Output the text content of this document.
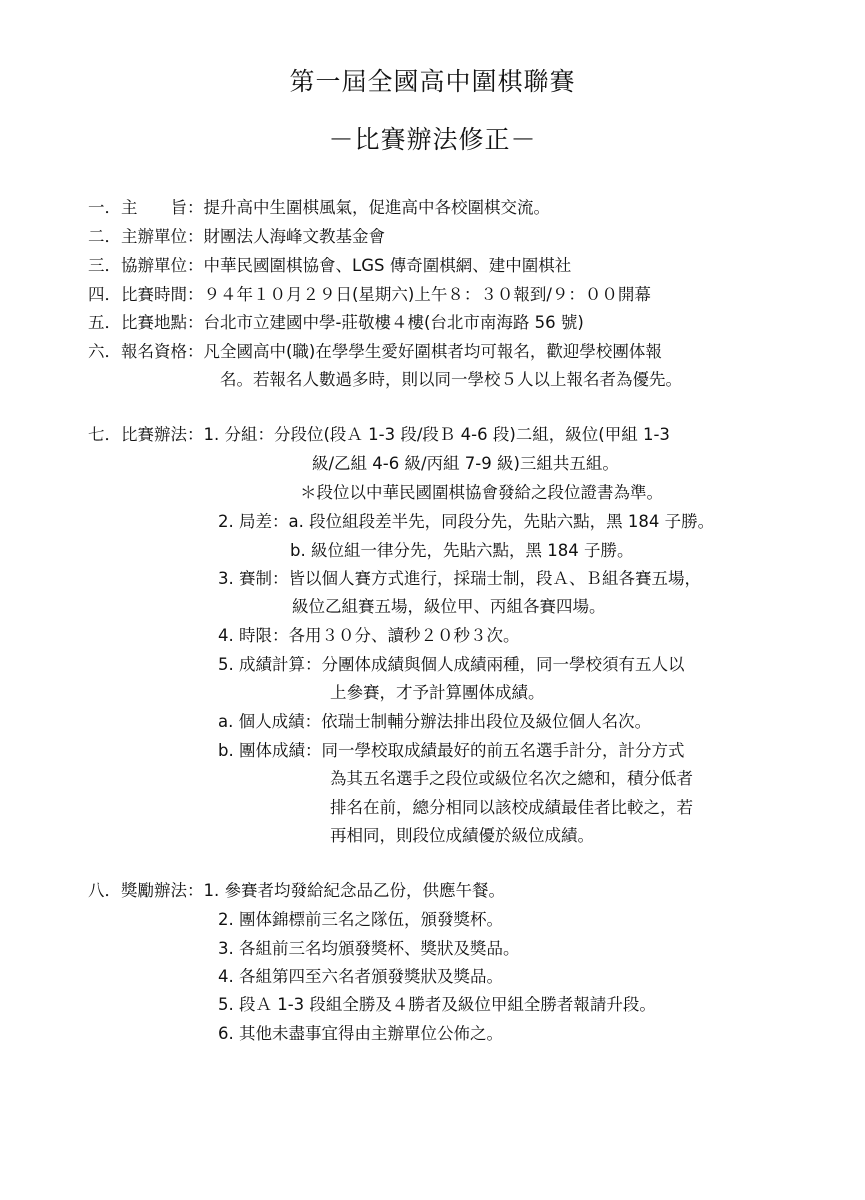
第一屆全國高中圍棋聯賽
－比賽辦法修正－
一．主　　旨：提升高中生圍棋風氣，促進高中各校圍棋交流。
二．主辦單位：財團法人海峰文教基金會
三．協辦單位：中華民國圍棋協會、LGS 傳奇圍棋網、建中圍棋社
四．比賽時間：９４年１０月２９日(星期六)上午８：３０報到/９：００開幕
五．比賽地點：台北市立建國中學-莊敬樓４樓(台北市南海路 56 號)
六．報名資格：凡全國高中(職)在學學生愛好圍棋者均可報名，歡迎學校團体報
名。若報名人數過多時，則以同一學校５人以上報名者為優先。
七．比賽辦法：1. 分組：分段位(段Ａ 1-3 段/段Ｂ 4-6 段)二組，級位(甲組 1-3
級/乙組 4-6 級/丙組 7-9 級)三組共五組。
＊段位以中華民國圍棋協會發給之段位證書為準。
2. 局差：a. 段位組段差半先，同段分先，先貼六點，黑 184 子勝。
b. 級位組一律分先，先貼六點，黑 184 子勝。
3. 賽制：皆以個人賽方式進行，採瑞士制，段Ａ、Ｂ組各賽五場，
級位乙組賽五場，級位甲、丙組各賽四場。
4. 時限：各用３０分、讀秒２０秒３次。
5. 成績計算：分團体成績與個人成績兩種，同一學校須有五人以
上參賽，才予計算團体成績。
a. 個人成績：依瑞士制輔分辦法排出段位及級位個人名次。
b. 團体成績：同一學校取成績最好的前五名選手計分，計分方式
為其五名選手之段位或級位名次之總和，積分低者
排名在前，總分相同以該校成績最佳者比較之，若
再相同，則段位成績優於級位成績。
八．獎勵辦法：1. 參賽者均發給紀念品乙份，供應午餐。
2. 團体錦標前三名之隊伍，頒發獎杯。
3. 各組前三名均頒發獎杯、獎狀及獎品。
4. 各組第四至六名者頒發獎狀及獎品。
5. 段Ａ 1-3 段組全勝及４勝者及級位甲組全勝者報請升段。
6. 其他未盡事宜得由主辦單位公佈之。
